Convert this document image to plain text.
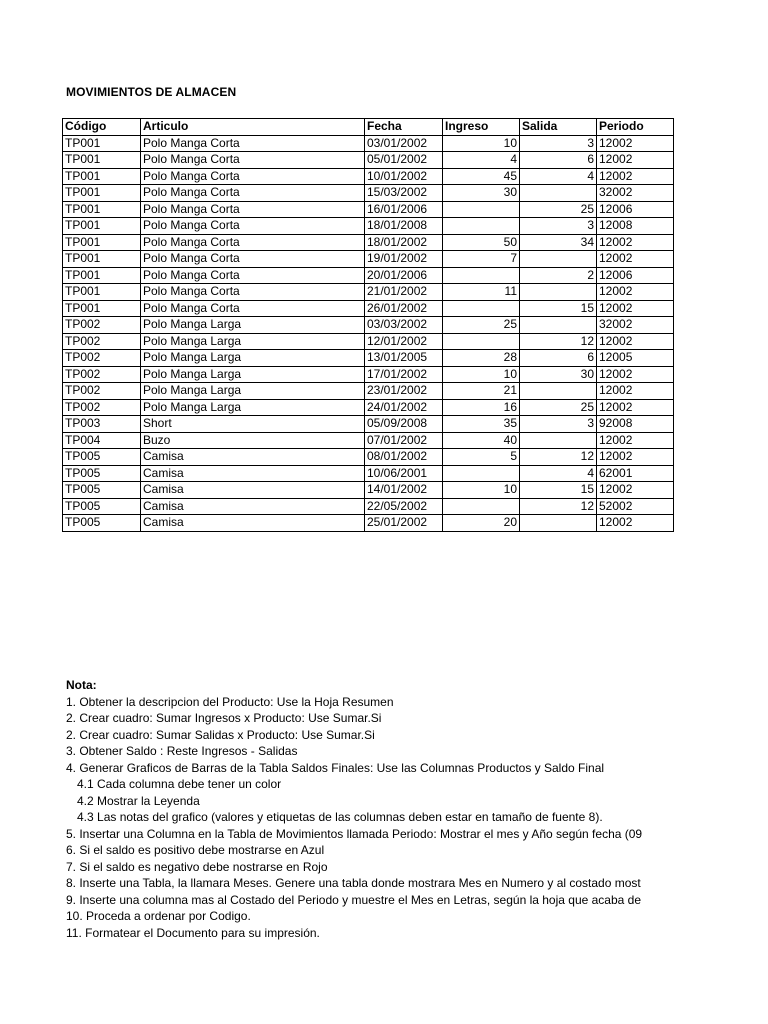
MOVIMIENTOS DE ALMACEN
Código	Articulo	Fecha	Ingreso	Salida	Periodo
TP001	Polo Manga Corta	03/01/2002	10	3	12002
TP001	Polo Manga Corta	05/01/2002	4	6	12002
TP001	Polo Manga Corta	10/01/2002	45	4	12002
TP001	Polo Manga Corta	15/03/2002	30		32002
TP001	Polo Manga Corta	16/01/2006		25	12006
TP001	Polo Manga Corta	18/01/2008		3	12008
TP001	Polo Manga Corta	18/01/2002	50	34	12002
TP001	Polo Manga Corta	19/01/2002	7		12002
TP001	Polo Manga Corta	20/01/2006		2	12006
TP001	Polo Manga Corta	21/01/2002	11		12002
TP001	Polo Manga Corta	26/01/2002		15	12002
TP002	Polo Manga Larga	03/03/2002	25		32002
TP002	Polo Manga Larga	12/01/2002		12	12002
TP002	Polo Manga Larga	13/01/2005	28	6	12005
TP002	Polo Manga Larga	17/01/2002	10	30	12002
TP002	Polo Manga Larga	23/01/2002	21		12002
TP002	Polo Manga Larga	24/01/2002	16	25	12002
TP003	Short	05/09/2008	35	3	92008
TP004	Buzo	07/01/2002	40		12002
TP005	Camisa	08/01/2002	5	12	12002
TP005	Camisa	10/06/2001		4	62001
TP005	Camisa	14/01/2002	10	15	12002
TP005	Camisa	22/05/2002		12	52002
TP005	Camisa	25/01/2002	20		12002
Nota:
1. Obtener la descripcion del Producto: Use la Hoja Resumen
2. Crear cuadro: Sumar Ingresos x Producto: Use Sumar.Si
2. Crear cuadro: Sumar Salidas x Producto: Use Sumar.Si
3. Obtener Saldo : Reste Ingresos - Salidas
4. Generar Graficos de Barras de la Tabla Saldos Finales: Use las Columnas Productos y Saldo Final
4.1 Cada columna debe tener un color
4.2 Mostrar la Leyenda
4.3 Las notas del grafico (valores y etiquetas de las columnas deben estar en tamaño de fuente 8).
5. Insertar una Columna en la Tabla de Movimientos llamada Periodo: Mostrar el mes y Año según fecha (09
6. Si el saldo es positivo debe mostrarse en Azul
7. Si el saldo es negativo debe nostrarse en Rojo
8. Inserte una Tabla, la llamara Meses. Genere una tabla donde mostrara Mes en Numero y al costado most
9. Inserte una columna mas al Costado del Periodo y muestre el Mes en Letras, según la hoja que acaba de
10. Proceda a ordenar por Codigo.
11. Formatear el Documento para su impresión.
